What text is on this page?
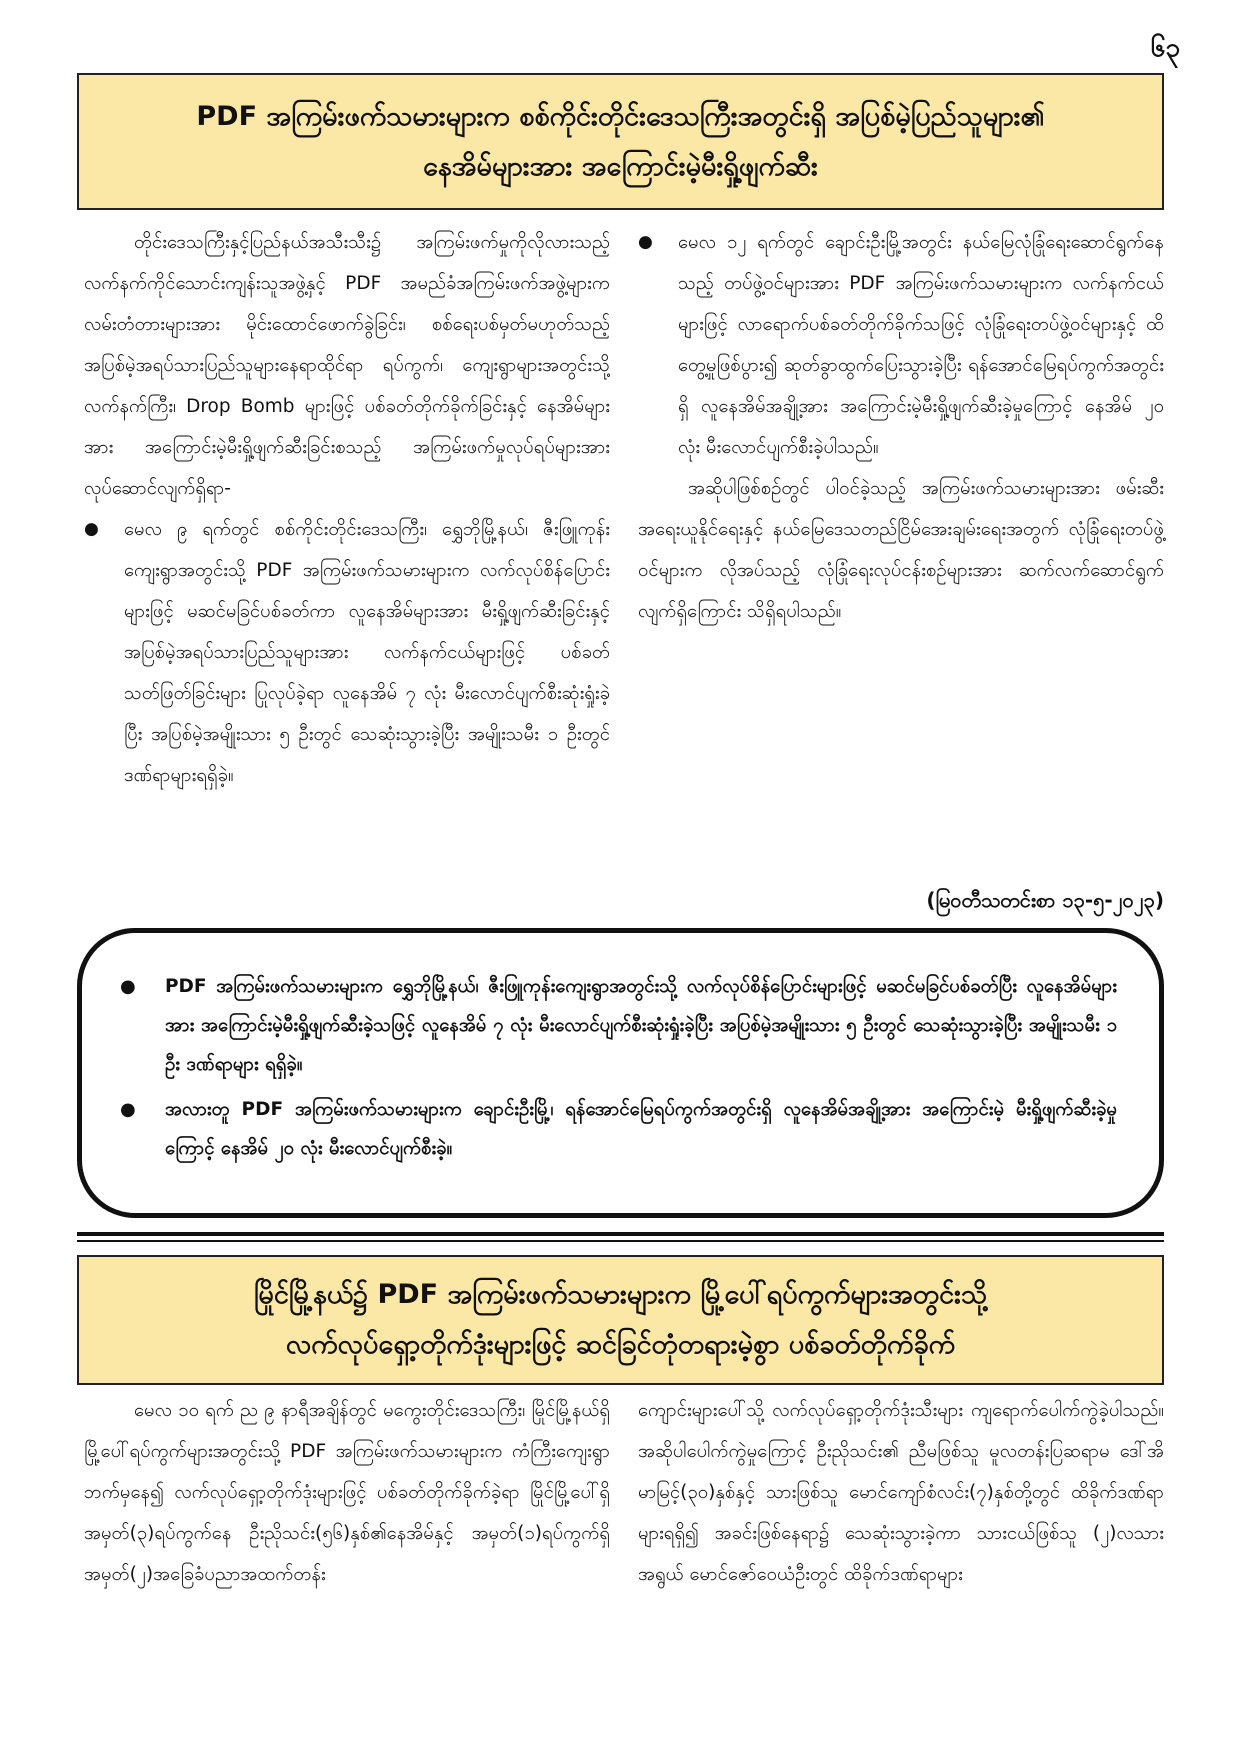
၆၃
PDF အကြမ်းဖက်သမားများက စစ်ကိုင်းတိုင်းဒေသကြီးအတွင်းရှိ အပြစ်မဲ့ပြည်သူများ၏
နေအိမ်များအား အကြောင်းမဲ့မီးရှို့ဖျက်ဆီး

တိုင်းဒေသကြီးနှင့်ပြည်နယ်အသီးသီး၌ အကြမ်းဖက်မှုကိုလိုလားသည့် လက်နက်ကိုင်သောင်းကျန်းသူအဖွဲ့နှင့် PDF အမည်ခံအကြမ်းဖက်အဖွဲ့များက လမ်းတံတားများအား မိုင်းထောင်ဖောက်ခွဲခြင်း၊ စစ်ရေးပစ်မှတ်မဟုတ်သည့် အပြစ်မဲ့အရပ်သားပြည်သူများနေရာထိုင်ရာ ရပ်ကွက်၊ ကျေးရွာများအတွင်းသို့ လက်နက်ကြီး၊ Drop Bomb များဖြင့် ပစ်ခတ်တိုက်ခိုက်ခြင်းနှင့် နေအိမ်များအား အကြောင်းမဲ့မီးရှို့ဖျက်ဆီးခြင်းစသည့် အကြမ်းဖက်မှုလုပ်ရပ်များအား လုပ်ဆောင်လျက်ရှိရာ-

● မေလ ၉ ရက်တွင် စစ်ကိုင်းတိုင်းဒေသကြီး၊ ရွှေဘိုမြို့နယ်၊ ဇီးဖြူကုန်းကျေးရွာအတွင်းသို့ PDF အကြမ်းဖက်သမားများက လက်လုပ်စိန်ပြောင်းများဖြင့် မဆင်မခြင်ပစ်ခတ်ကာ လူနေအိမ်များအား မီးရှို့ဖျက်ဆီးခြင်းနှင့် အပြစ်မဲ့အရပ်သားပြည်သူများအား လက်နက်ငယ်များဖြင့် ပစ်ခတ်သတ်ဖြတ်ခြင်းများ ပြုလုပ်ခဲ့ရာ လူနေအိမ် ၇ လုံး မီးလောင်ပျက်စီးဆုံးရှုံးခဲ့ပြီး အပြစ်မဲ့အမျိုးသား ၅ ဦးတွင် သေဆုံးသွားခဲ့ပြီး အမျိုးသမီး ၁ ဦးတွင် ဒဏ်ရာများရရှိခဲ့။
● မေလ ၁၂ ရက်တွင် ချောင်းဦးမြို့အတွင်း နယ်မြေလုံခြုံရေးဆောင်ရွက်နေသည့် တပ်ဖွဲ့ဝင်များအား PDF အကြမ်းဖက်သမားများက လက်နက်ငယ်များဖြင့် လာရောက်ပစ်ခတ်တိုက်ခိုက်သဖြင့် လုံခြုံရေးတပ်ဖွဲ့ဝင်များနှင့် ထိတွေ့မှုဖြစ်ပွား၍ ဆုတ်ခွာထွက်ပြေးသွားခဲ့ပြီး ရန်အောင်မြေရပ်ကွက်အတွင်းရှိ လူနေအိမ်အချို့အား အကြောင်းမဲ့မီးရှို့ဖျက်ဆီးခဲ့မှုကြောင့် နေအိမ် ၂၀ လုံး မီးလောင်ပျက်စီးခဲ့ပါသည်။

အဆိုပါဖြစ်စဉ်တွင် ပါဝင်ခဲ့သည့် အကြမ်းဖက်သမားများအား ဖမ်းဆီးအရေးယူနိုင်ရေးနှင့် နယ်မြေဒေသတည်ငြိမ်အေးချမ်းရေးအတွက် လုံခြုံရေးတပ်ဖွဲ့ဝင်များက လိုအပ်သည့် လုံခြုံရေးလုပ်ငန်းစဉ်များအား ဆက်လက်ဆောင်ရွက်လျက်ရှိကြောင်း သိရှိရပါသည်။

(မြဝတီသတင်းစာ ၁၃-၅-၂၀၂၃)
● PDF အကြမ်းဖက်သမားများက ရွှေဘိုမြို့နယ်၊ ဇီးဖြူကုန်းကျေးရွာအတွင်းသို့ လက်လုပ်စိန်ပြောင်းများဖြင့် မဆင်မခြင်ပစ်ခတ်ပြီး လူနေအိမ်များအား အကြောင်းမဲ့မီးရှို့ဖျက်ဆီးခဲ့သဖြင့် လူနေအိမ် ၇ လုံး မီးလောင်ပျက်စီးဆုံးရှုံးခဲ့ပြီး အပြစ်မဲ့အမျိုးသား ၅ ဦးတွင် သေဆုံးသွားခဲ့ပြီး အမျိုးသမီး ၁ ဦး ဒဏ်ရာများ ရရှိခဲ့။
● အလားတူ PDF အကြမ်းဖက်သမားများက ချောင်းဦးမြို့၊ ရန်အောင်မြေရပ်ကွက်အတွင်းရှိ လူနေအိမ်အချို့အား အကြောင်းမဲ့ မီးရှို့ဖျက်ဆီးခဲ့မှုကြောင့် နေအိမ် ၂၀ လုံး မီးလောင်ပျက်စီးခဲ့။
မြိုင်မြို့နယ်၌ PDF အကြမ်းဖက်သမားများက မြို့ပေါ်ရပ်ကွက်များအတွင်းသို့
လက်လုပ်ရှော့တိုက်ဒုံးများဖြင့် ဆင်ခြင်တုံတရားမဲ့စွာ ပစ်ခတ်တိုက်ခိုက်

မေလ ၁၀ ရက် ည ၉ နာရီအချိန်တွင် မကွေးတိုင်းဒေသကြီး၊ မြိုင်မြို့နယ်ရှိ မြို့ပေါ်ရပ်ကွက်များအတွင်းသို့ PDF အကြမ်းဖက်သမားများက ကံကြီးကျေးရွာဘက်မှနေ၍ လက်လုပ်ရှော့တိုက်ဒုံးများဖြင့် ပစ်ခတ်တိုက်ခိုက်ခဲ့ရာ မြိုင်မြို့ပေါ်ရှိ အမှတ်(၃)ရပ်ကွက်နေ ဦးညိုသင်း(၅၆)နှစ်၏နေအိမ်နှင့် အမှတ်(၁)ရပ်ကွက်ရှိ အမှတ်(၂)အခြေခံပညာအထက်တန်း

ကျောင်းများပေါ်သို့ လက်လုပ်ရှော့တိုက်ဒုံးသီးများ ကျရောက်ပေါက်ကွဲခဲ့ပါသည်။ အဆိုပါပေါက်ကွဲမှုကြောင့် ဦးညိုသင်း၏ ညီမဖြစ်သူ မူလတန်းပြဆရာမ ဒေါ်အိမာမြင့်(၃၀)နှစ်နှင့် သားဖြစ်သူ မောင်ကျော်စံလင်း(၇)နှစ်တို့တွင် ထိခိုက်ဒဏ်ရာများရရှိ၍ အခင်းဖြစ်နေရာ၌ သေဆုံးသွားခဲ့ကာ သားငယ်ဖြစ်သူ (၂)လသားအရွယ် မောင်ဇော်ဝေယံဦးတွင် ထိခိုက်ဒဏ်ရာများ
